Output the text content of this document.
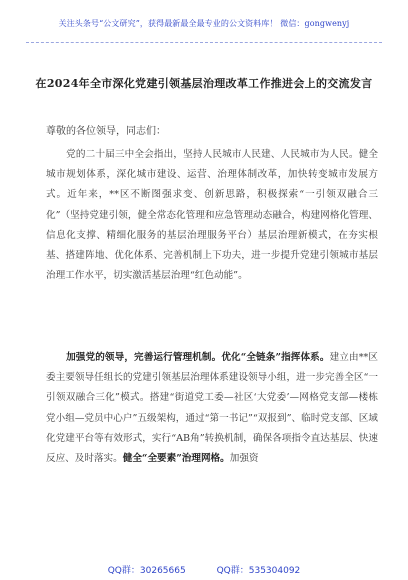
关注头条号“公文研究”，获得最新最全最专业的公文资料库！ 微信：gongwenyj
在2024年全市深化党建引领基层治理改革工作推进会上的交流发言
尊敬的各位领导，同志们：
党的二十届三中全会指出，坚持人民城市人民建、人民城市为人民。健全城市规划体系，深化城市建设、运营、治理体制改革，加快转变城市发展方式。近年来，**区不断图强求变、创新思路，积极探索“一引领双融合三化”（坚持党建引领，健全常态化管理和应急管理动态融合，构建网格化管理、信息化支撑、精细化服务的基层治理服务平台）基层治理新模式，在夯实根基、搭建阵地、优化体系、完善机制上下功夫，进一步提升党建引领城市基层治理工作水平，切实激活基层治理“红色动能”。
加强党的领导，完善运行管理机制。优化“全链条”指挥体系。建立由**区委主要领导任组长的党建引领基层治理体系建设领导小组，进一步完善全区“一引领双融合三化”模式。搭建“街道党工委—社区‘大党委’—网格党支部—楼栋党小组—党员中心户”五级架构，通过“第一书记”“双报到”、临时党支部、区域化党建平台等有效形式，实行“AB角”转换机制，确保各项指令直达基层、快速反应、及时落实。健全“全要素”治理网格。加强资
QQ群：30265665	QQ群：535304092
